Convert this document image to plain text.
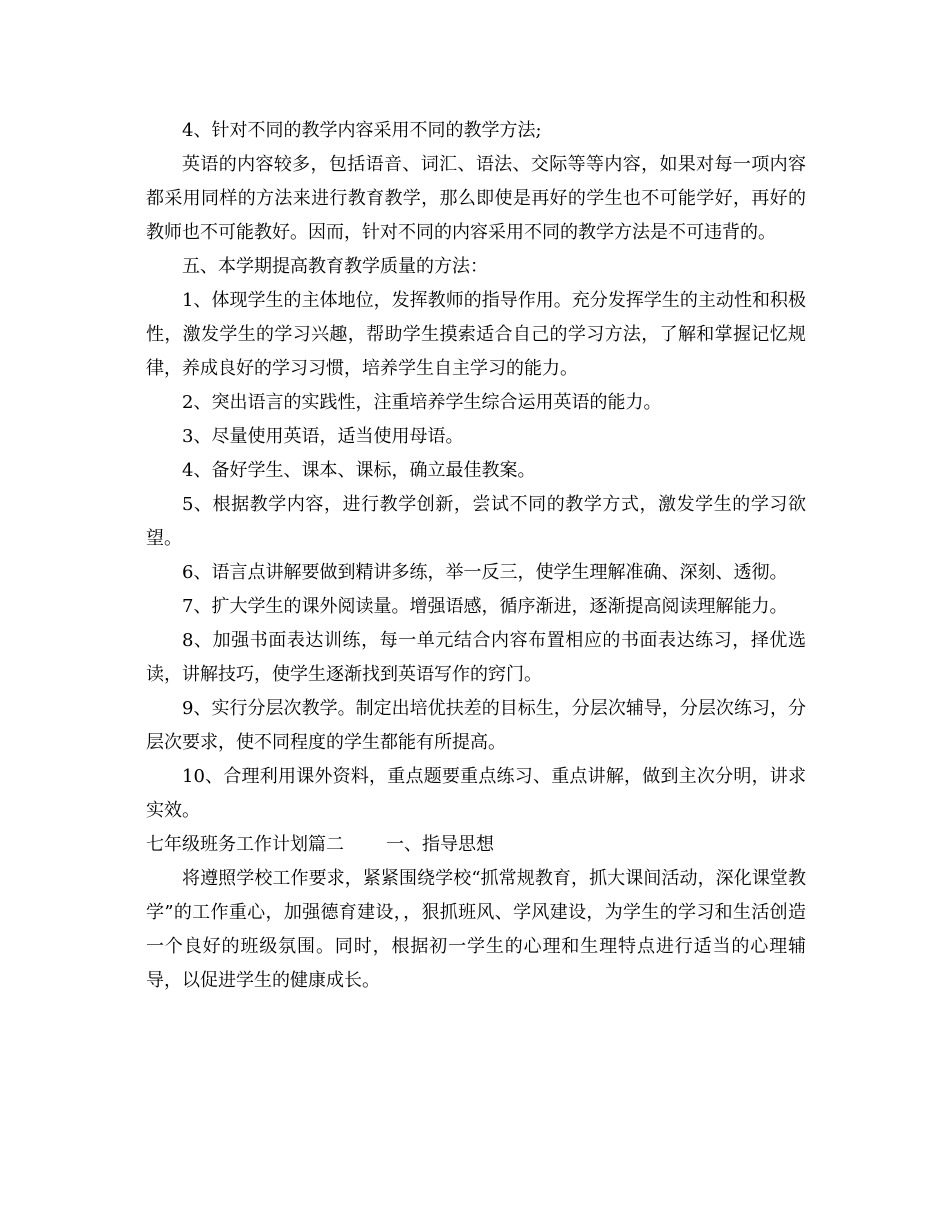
4、针对不同的教学内容采用不同的教学方法;

英语的内容较多，包括语音、词汇、语法、交际等等内容，如果对每一项内容都采用同样的方法来进行教育教学，那么即使是再好的学生也不可能学好，再好的教师也不可能教好。因而，针对不同的内容采用不同的教学方法是不可违背的。

五、本学期提高教育教学质量的方法：

1、体现学生的主体地位，发挥教师的指导作用。充分发挥学生的主动性和积极性，激发学生的学习兴趣，帮助学生摸索适合自己的学习方法，了解和掌握记忆规律，养成良好的学习习惯，培养学生自主学习的能力。

2、突出语言的实践性，注重培养学生综合运用英语的能力。

3、尽量使用英语，适当使用母语。

4、备好学生、课本、课标，确立最佳教案。

5、根据教学内容，进行教学创新，尝试不同的教学方式，激发学生的学习欲望。

6、语言点讲解要做到精讲多练，举一反三，使学生理解准确、深刻、透彻。

7、扩大学生的课外阅读量。增强语感，循序渐进，逐渐提高阅读理解能力。

8、加强书面表达训练，每一单元结合内容布置相应的书面表达练习，择优选读，讲解技巧，使学生逐渐找到英语写作的窍门。

9、实行分层次教学。制定出培优扶差的目标生，分层次辅导，分层次练习，分层次要求，使不同程度的学生都能有所提高。

10、合理利用课外资料，重点题要重点练习、重点讲解，做到主次分明，讲求实效。

七年级班务工作计划篇二 一、指导思想

将遵照学校工作要求，紧紧围绕学校“抓常规教育，抓大课间活动，深化课堂教学”的工作重心，加强德育建设，，狠抓班风、学风建设，为学生的学习和生活创造一个良好的班级氛围。同时，根据初一学生的心理和生理特点进行适当的心理辅导，以促进学生的健康成长。
